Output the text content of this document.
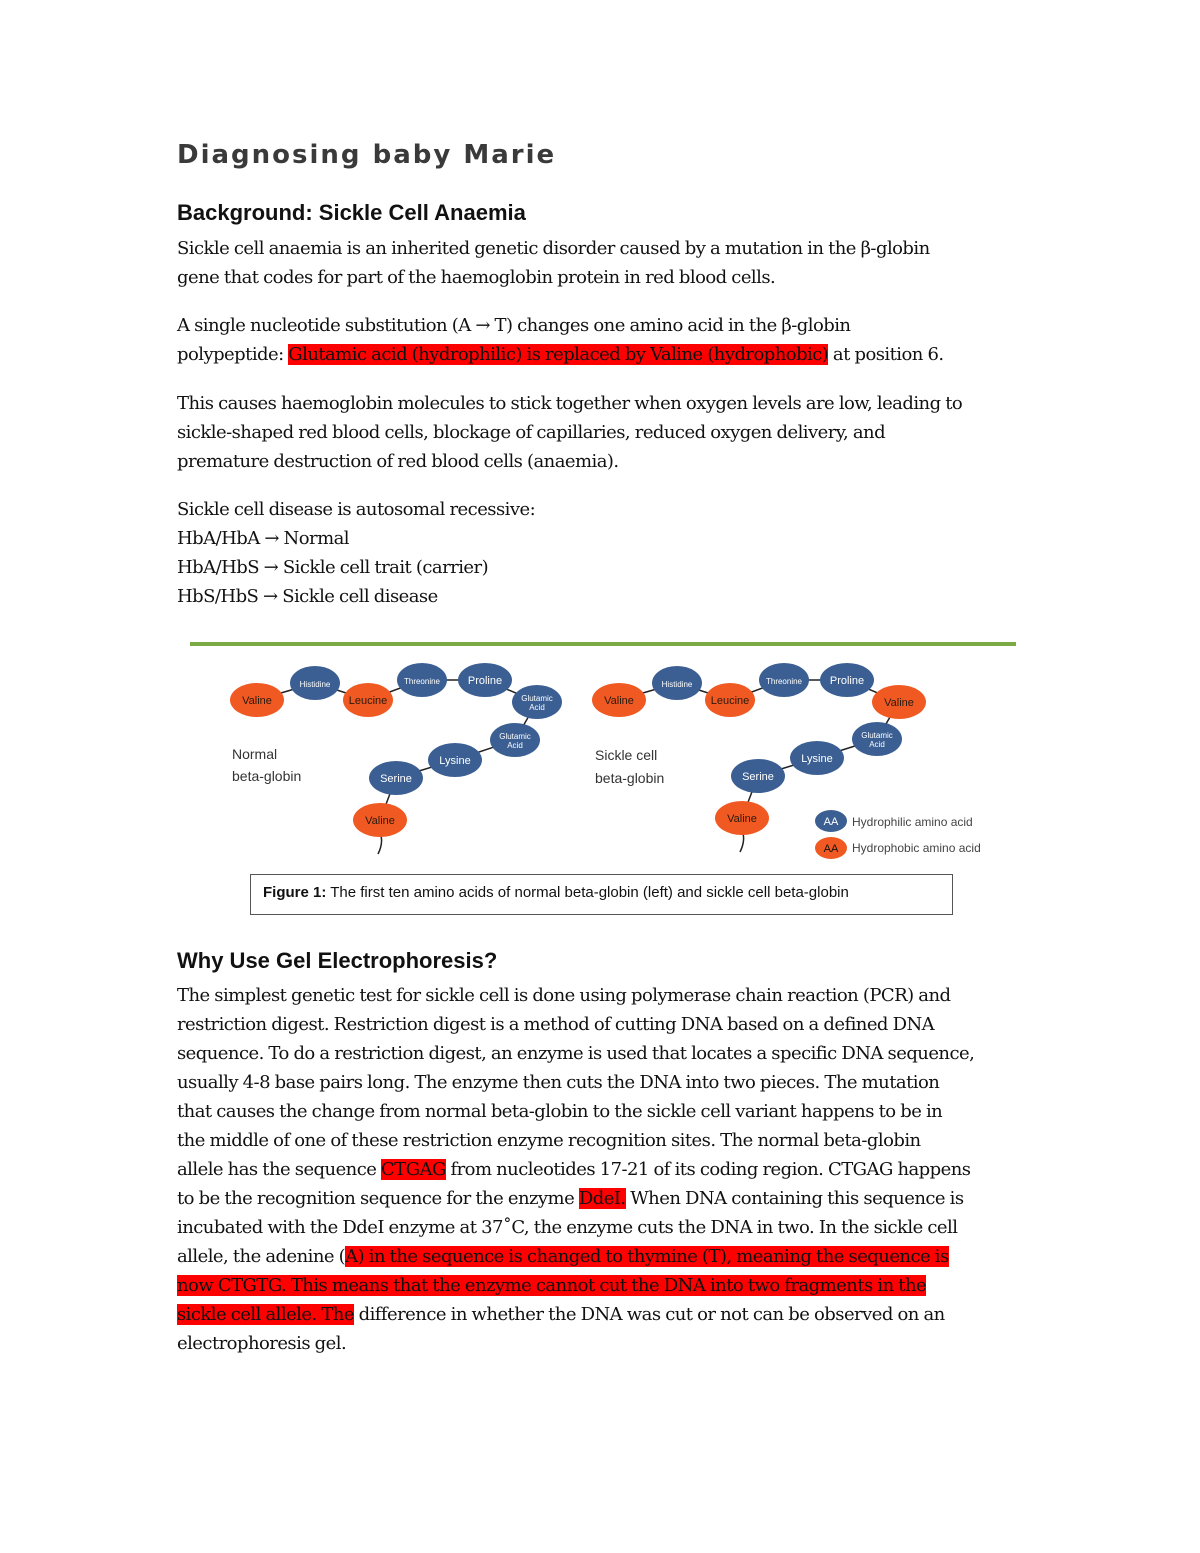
Diagnosing baby Marie
Background: Sickle Cell Anaemia

Sickle cell anaemia is an inherited genetic disorder caused by a mutation in the β-globin
gene that codes for part of the haemoglobin protein in red blood cells.

A single nucleotide substitution (A → T) changes one amino acid in the β-globin
polypeptide: Glutamic acid (hydrophilic) is replaced by Valine (hydrophobic) at position 6.

This causes haemoglobin molecules to stick together when oxygen levels are low, leading to
sickle-shaped red blood cells, blockage of capillaries, reduced oxygen delivery, and
premature destruction of red blood cells (anaemia).

Sickle cell disease is autosomal recessive:
HbA/HbA → Normal
HbA/HbS → Sickle cell trait (carrier)
HbS/HbS → Sickle cell disease

Valine
Histidine
Leucine
Threonine	Proline
Glutamic
Acid
Glutamic
Acid
Lysine
Serine
Valine
Valine
Histidine
Leucine
Threonine	Proline
Valine
Glutamic
Acid
Lysine
Serine
Valine
Normal
beta-globin
Sickle cell
beta-globin
AA Hydrophilic amino acid
AA Hydrophobic amino acid
Figure 1: The first ten amino acids of normal beta-globin (left) and sickle cell beta-globin
Why Use Gel Electrophoresis?

The simplest genetic test for sickle cell is done using polymerase chain reaction (PCR) and
restriction digest. Restriction digest is a method of cutting DNA based on a defined DNA
sequence. To do a restriction digest, an enzyme is used that locates a specific DNA sequence,
usually 4-8 base pairs long. The enzyme then cuts the DNA into two pieces. The mutation
that causes the change from normal beta-globin to the sickle cell variant happens to be in
the middle of one of these restriction enzyme recognition sites. The normal beta-globin
allele has the sequence CTGAG from nucleotides 17-21 of its coding region. CTGAG happens
to be the recognition sequence for the enzyme DdeI. When DNA containing this sequence is
incubated with the DdeI enzyme at 37˚C, the enzyme cuts the DNA in two. In the sickle cell
allele, the adenine (A) in the sequence is changed to thymine (T), meaning the sequence is
now CTGTG. This means that the enzyme cannot cut the DNA into two fragments in the
sickle cell allele. The difference in whether the DNA was cut or not can be observed on an
electrophoresis gel.
